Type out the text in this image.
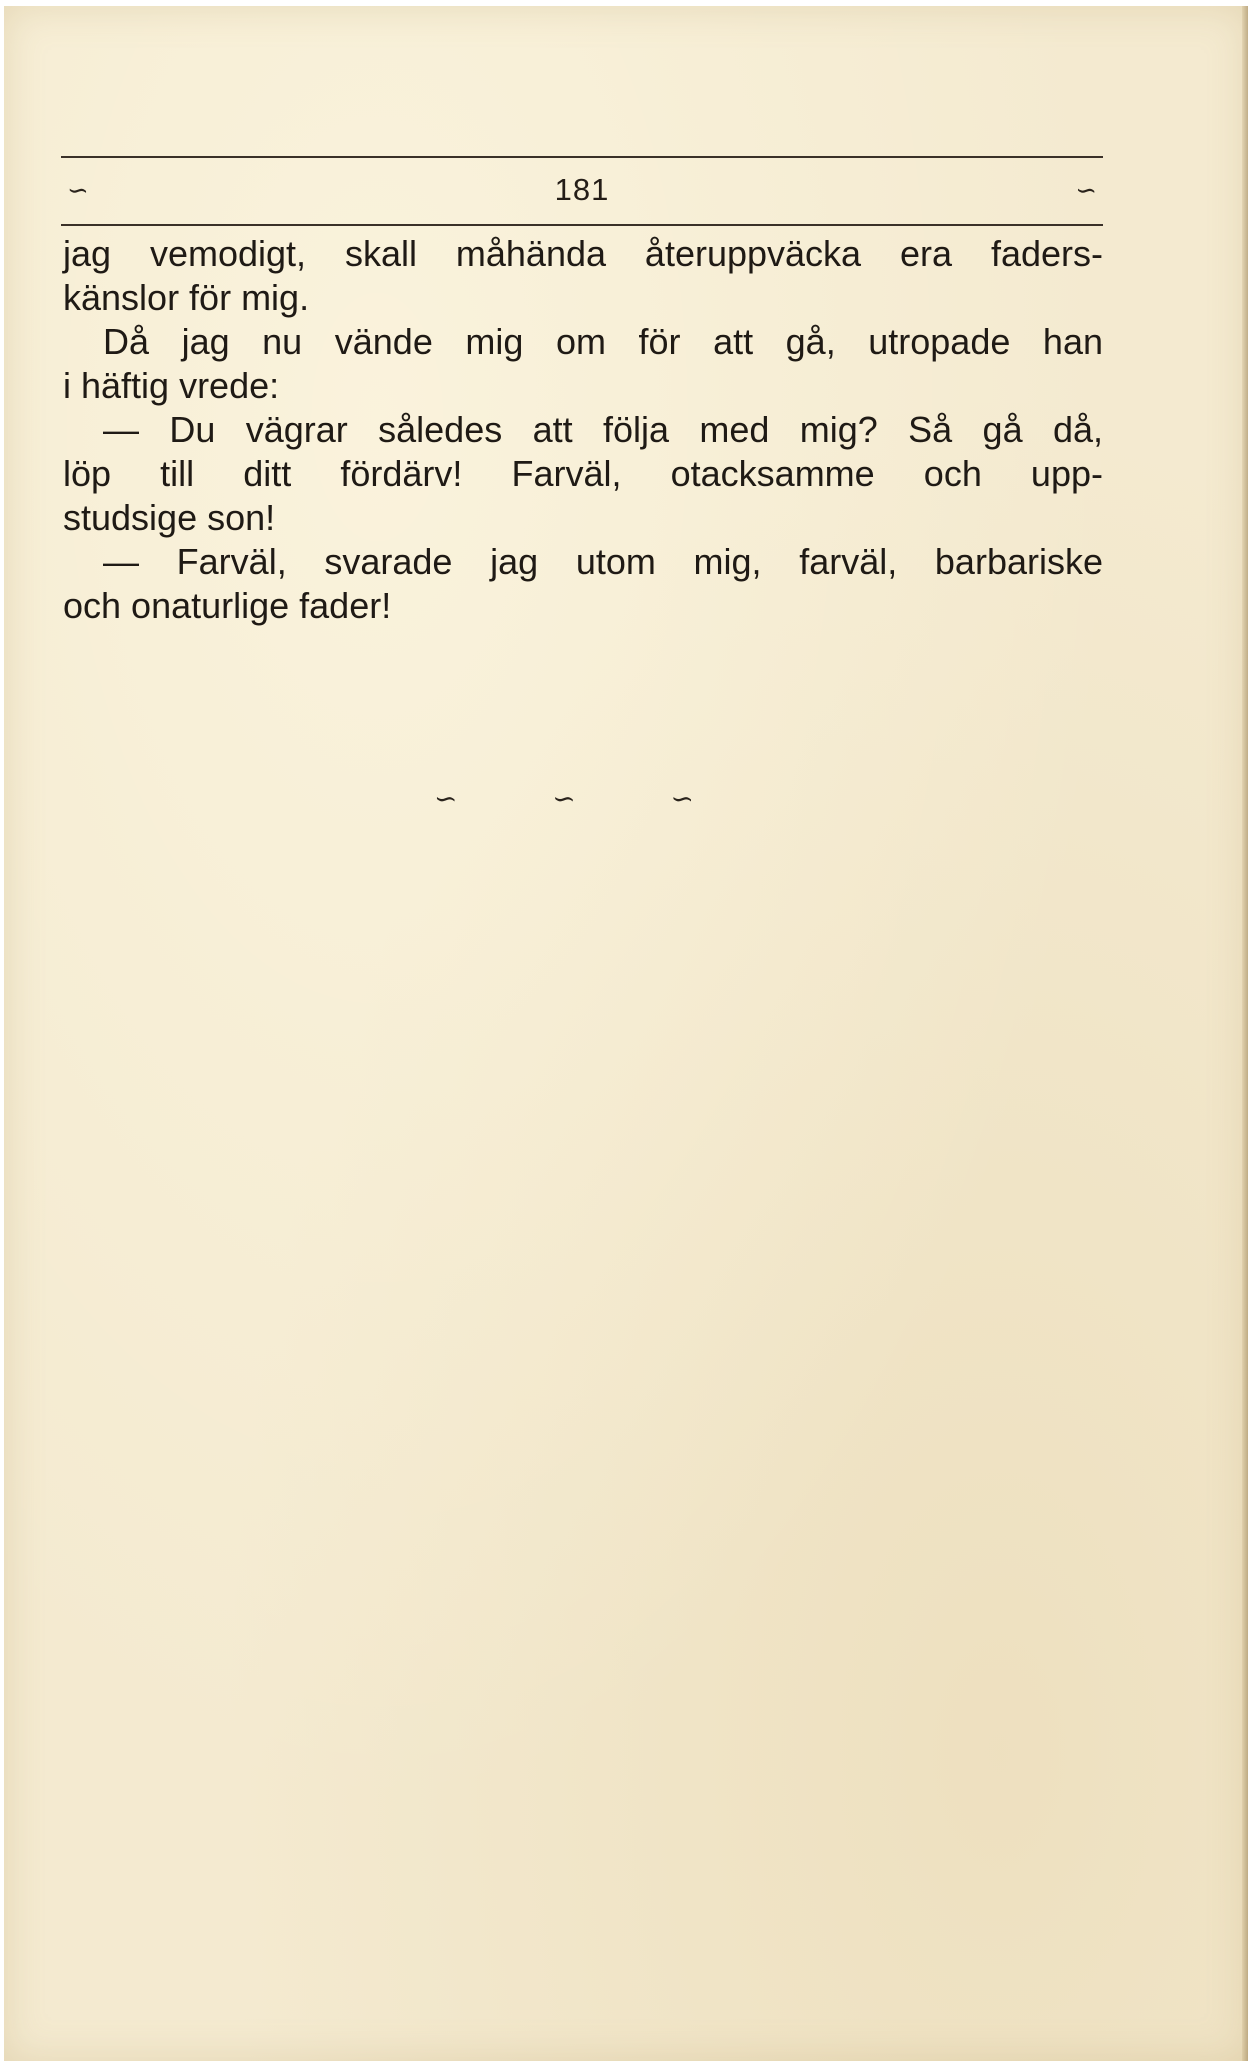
∽	181	∽
jag vemodigt, skall måhända återuppväcka era faders-
känslor för mig.
Då jag nu vände mig om för att gå, utropade han
i häftig vrede:
— Du vägrar således att följa med mig? Så gå då,
löp till ditt fördärv! Farväl, otacksamme och upp-
studsige son!
— Farväl, svarade jag utom mig, farväl, barbariske
och onaturlige fader!
∽	∽	∽
